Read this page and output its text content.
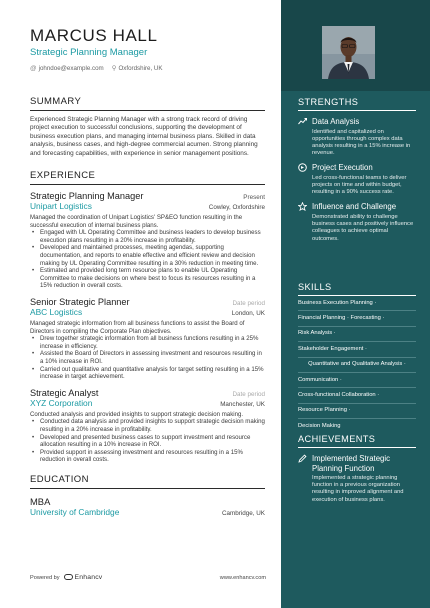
MARCUS HALL
Strategic Planning Manager
@ johndoe@example.com ⚲ Oxfordshire, UK
SUMMARY
Experienced Strategic Planning Manager with a strong track record of driving project execution to successful conclusions, supporting the development of business execution plans, and managing internal business plans. Skilled in data analysis, business cases, and high-degree commercial acumen. Strong planning and forecasting capabilities, with experience in senior management positions.
EXPERIENCE
Strategic Planning Manager	Present
Unipart Logistics	Cowley, Oxfordshire
Managed the coordination of Unipart Logistics' SP&EO function resulting in the successful execution of internal business plans.
• Engaged with UL Operating Committee and business leaders to develop business execution plans resulting in a 20% increase in profitability.
• Developed and maintained processes, meeting agendas, supporting documentation, and reports to enable effective and efficient review and decision making by UL Operating Committee resulting in a 30% reduction in meeting time.
• Estimated and provided long term resource plans to enable UL Operating Committee to make decisions on where best to focus its resources resulting in a 15% reduction in overall costs.
Senior Strategic Planner	Date period
ABC Logistics	London, UK
Managed strategic information from all business functions to assist the Board of Directors in compiling the Corporate Plan objectives.
• Drew together strategic information from all business functions resulting in a 25% increase in efficiency.
• Assisted the Board of Directors in assessing investment and resources resulting in a 10% increase in ROI.
• Carried out qualitative and quantitative analysis for target setting resulting in a 15% increase in target achievement.
Strategic Analyst	Date period
XYZ Corporation	Manchester, UK
Conducted analysis and provided insights to support strategic decision making.
• Conducted data analysis and provided insights to support strategic decision making resulting in a 20% increase in profitability.
• Developed and presented business cases to support investment and resource allocation resulting in a 10% increase in ROI.
• Provided support in assessing investment and resources resulting in a 15% reduction in overall costs.
EDUCATION
MBA
University of Cambridge	Cambridge, UK
STRENGTHS
Data Analysis
Identified and capitalized on opportunities through complex data analysis resulting in a 15% increase in revenue.
Project Execution
Led cross-functional teams to deliver projects on time and within budget, resulting in a 90% success rate.
Influence and Challenge
Demonstrated ability to challenge business cases and positively influence colleagues to achieve optimal outcomes.
SKILLS
Business Execution Planning ·
Financial Planning · Forecasting ·
Risk Analysis ·
Stakeholder Engagement ·
Quantitative and Qualitative Analysis ·
Communication ·
Cross-functional Collaboration ·
Resource Planning ·
Decision Making
ACHIEVEMENTS
Implemented Strategic Planning Function
Implemented a strategic planning function in a previous organization resulting in improved alignment and execution of business plans.
Powered by	Enhancv	www.enhancv.com
